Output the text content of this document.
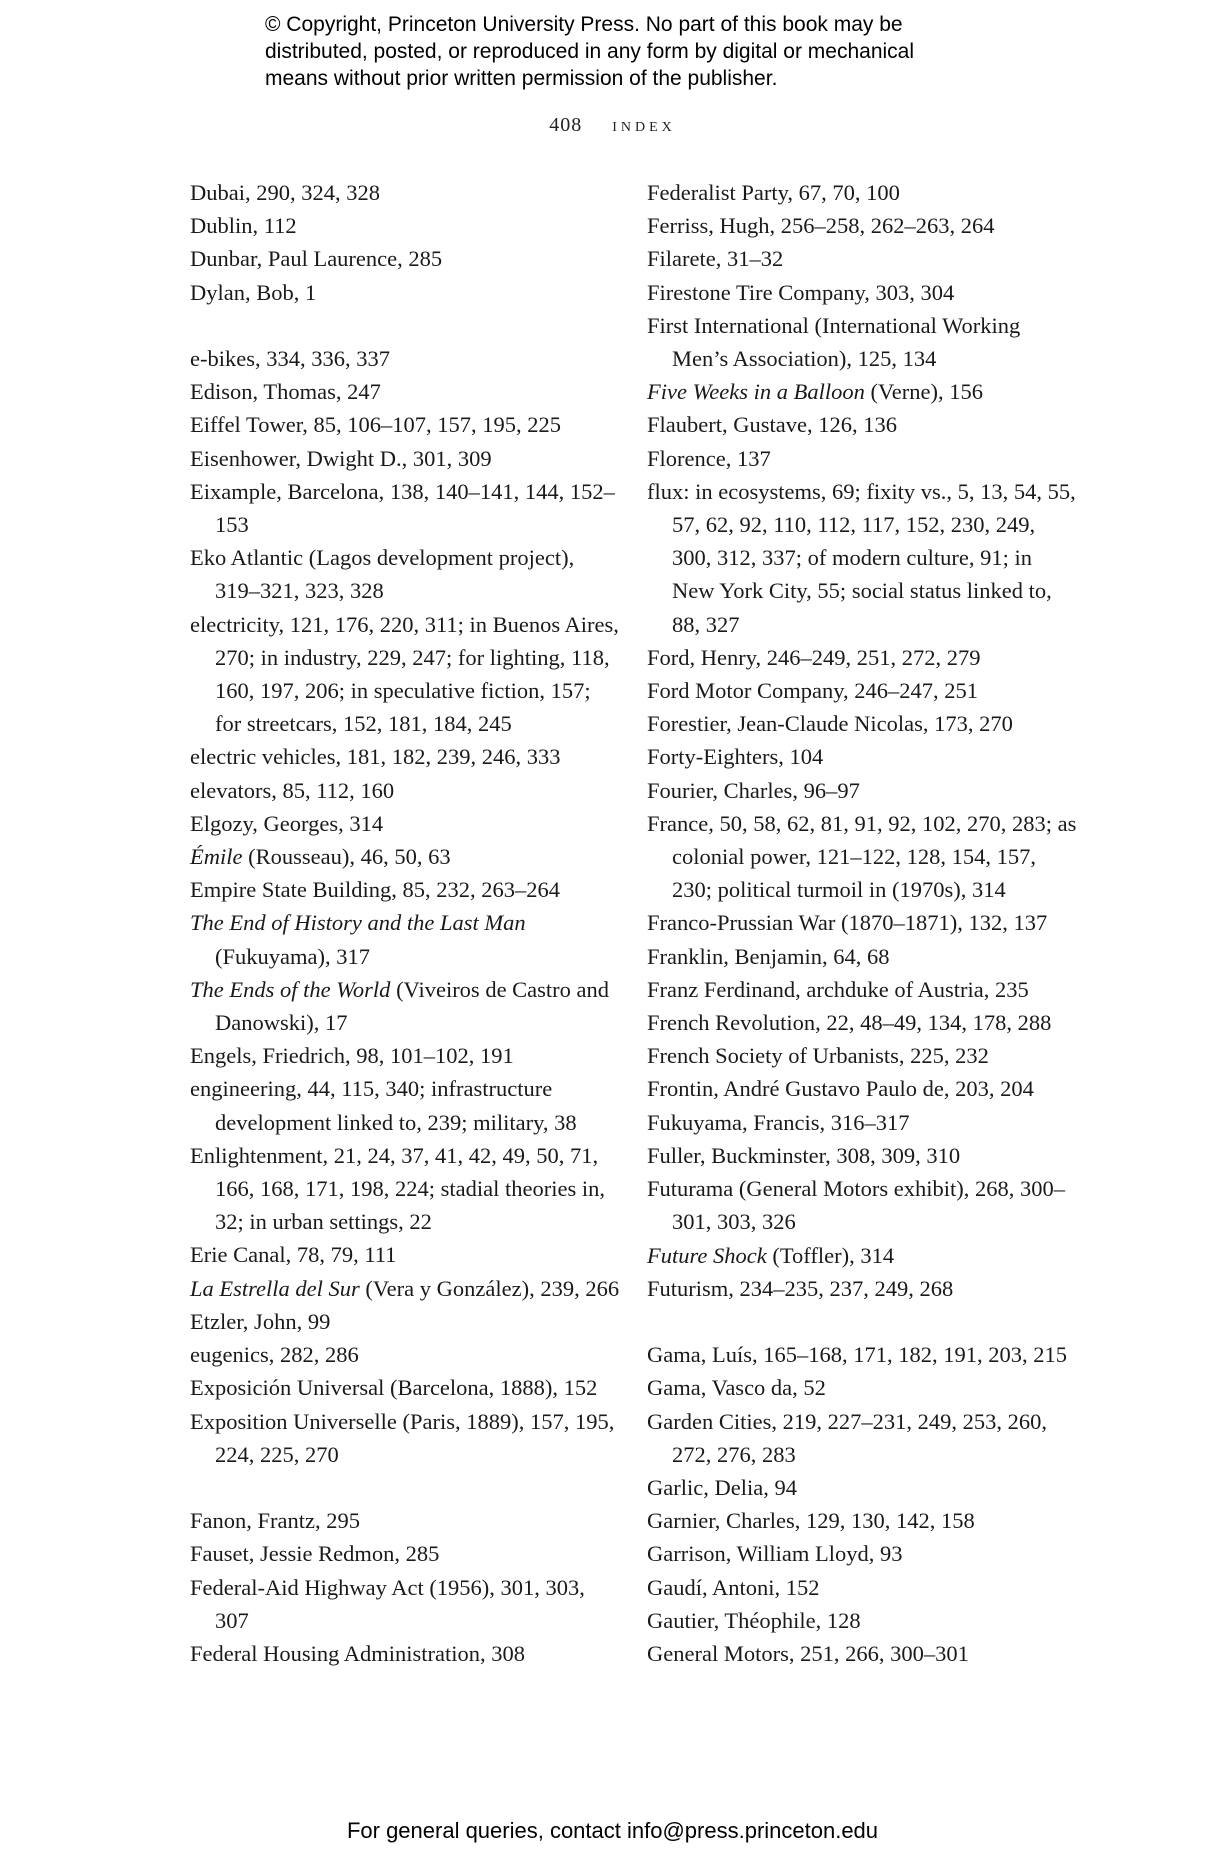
© Copyright, Princeton University Press. No part of this book may be
distributed, posted, or reproduced in any form by digital or mechanical
means without prior written permission of the publisher.
408 index
Dubai, 290, 324, 328
Dublin, 112
Dunbar, Paul Laurence, 285
Dylan, Bob, 1
e-bikes, 334, 336, 337
Edison, Thomas, 247
Eiffel Tower, 85, 106–107, 157, 195, 225
Eisenhower, Dwight D., 301, 309
Eixample, Barcelona, 138, 140–141, 144, 152–153
Eko Atlantic (Lagos development project), 319–321, 323, 328
electricity, 121, 176, 220, 311; in Buenos Aires, 270; in industry, 229, 247; for lighting, 118, 160, 197, 206; in speculative fiction, 157; for streetcars, 152, 181, 184, 245
electric vehicles, 181, 182, 239, 246, 333
elevators, 85, 112, 160
Elgozy, Georges, 314
Émile (Rousseau), 46, 50, 63
Empire State Building, 85, 232, 263–264
The End of History and the Last Man (Fukuyama), 317
The Ends of the World (Viveiros de Castro and Danowski), 17
Engels, Friedrich, 98, 101–102, 191
engineering, 44, 115, 340; infrastructure development linked to, 239; military, 38
Enlightenment, 21, 24, 37, 41, 42, 49, 50, 71, 166, 168, 171, 198, 224; stadial theories in, 32; in urban settings, 22
Erie Canal, 78, 79, 111
La Estrella del Sur (Vera y González), 239, 266
Etzler, John, 99
eugenics, 282, 286
Exposición Universal (Barcelona, 1888), 152
Exposition Universelle (Paris, 1889), 157, 195, 224, 225, 270
Fanon, Frantz, 295
Fauset, Jessie Redmon, 285
Federal-Aid Highway Act (1956), 301, 303, 307
Federal Housing Administration, 308
Federalist Party, 67, 70, 100
Ferriss, Hugh, 256–258, 262–263, 264
Filarete, 31–32
Firestone Tire Company, 303, 304
First International (International Working Men’s Association), 125, 134
Five Weeks in a Balloon (Verne), 156
Flaubert, Gustave, 126, 136
Florence, 137
flux: in ecosystems, 69; fixity vs., 5, 13, 54, 55, 57, 62, 92, 110, 112, 117, 152, 230, 249, 300, 312, 337; of modern culture, 91; in New York City, 55; social status linked to, 88, 327
Ford, Henry, 246–249, 251, 272, 279
Ford Motor Company, 246–247, 251
Forestier, Jean-Claude Nicolas, 173, 270
Forty-Eighters, 104
Fourier, Charles, 96–97
France, 50, 58, 62, 81, 91, 92, 102, 270, 283; as colonial power, 121–122, 128, 154, 157, 230; political turmoil in (1970s), 314
Franco-Prussian War (1870–1871), 132, 137
Franklin, Benjamin, 64, 68
Franz Ferdinand, archduke of Austria, 235
French Revolution, 22, 48–49, 134, 178, 288
French Society of Urbanists, 225, 232
Frontin, André Gustavo Paulo de, 203, 204
Fukuyama, Francis, 316–317
Fuller, Buckminster, 308, 309, 310
Futurama (General Motors exhibit), 268, 300–301, 303, 326
Future Shock (Toffler), 314
Futurism, 234–235, 237, 249, 268
Gama, Luís, 165–168, 171, 182, 191, 203, 215
Gama, Vasco da, 52
Garden Cities, 219, 227–231, 249, 253, 260, 272, 276, 283
Garlic, Delia, 94
Garnier, Charles, 129, 130, 142, 158
Garrison, William Lloyd, 93
Gaudí, Antoni, 152
Gautier, Théophile, 128
General Motors, 251, 266, 300–301
For general queries, contact info@press.princeton.edu
